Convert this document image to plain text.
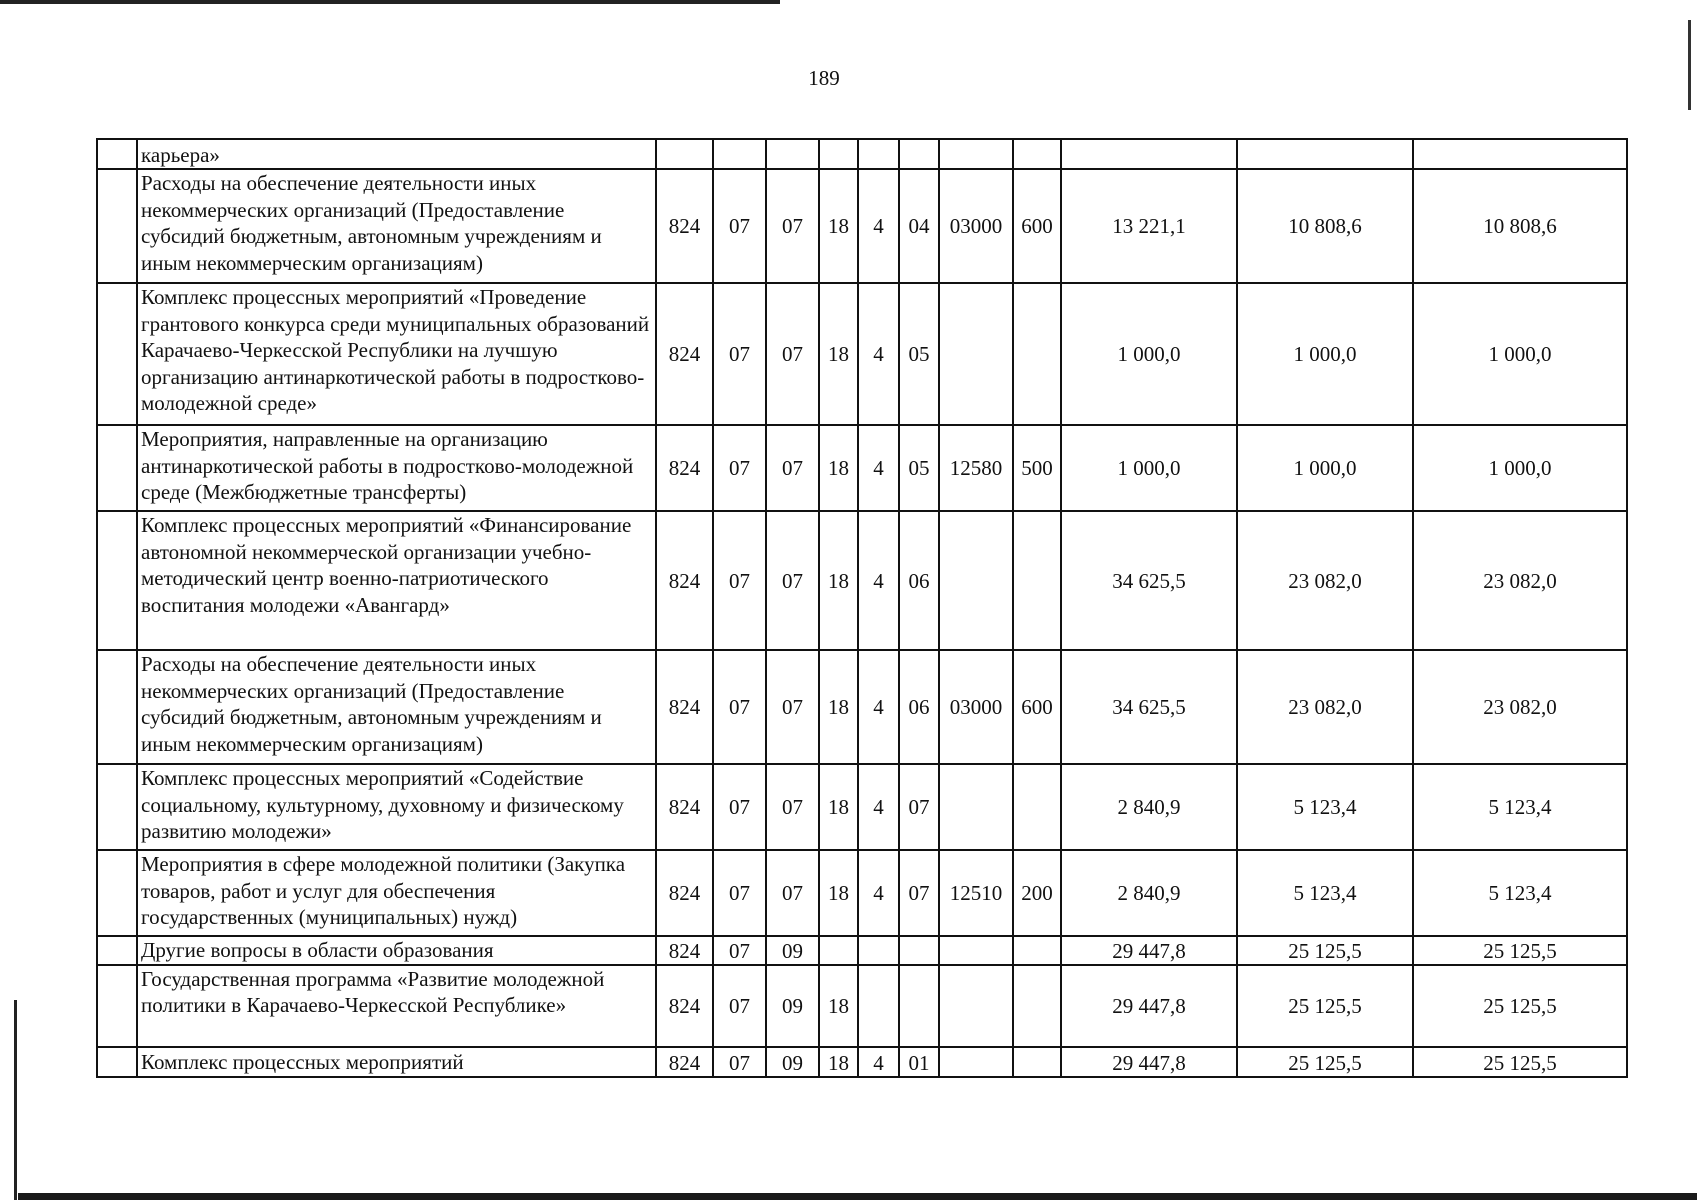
189
	карьера»											
	Расходы на обеспечение деятельности иных некоммерческих организаций (Предоставление субсидий бюджетным, автономным учреждениям и иным некоммерческим организациям)	824	07	07	18	4	04	03000	600	13 221,1	10 808,6	10 808,6
	Комплекс процессных мероприятий «Проведение грантового конкурса среди муниципальных образований Карачаево-Черкесской Республики на лучшую организацию антинаркотической работы в подростково-молодежной среде»	824	07	07	18	4	05			1 000,0	1 000,0	1 000,0
	Мероприятия, направленные на организацию антинаркотической работы в подростково-молодежной среде (Межбюджетные трансферты)	824	07	07	18	4	05	12580	500	1 000,0	1 000,0	1 000,0
	Комплекс процессных мероприятий «Финансирование автономной некоммерческой организации учебно-методический центр военно-патриотического воспитания молодежи «Авангард»	824	07	07	18	4	06			34 625,5	23 082,0	23 082,0
	Расходы на обеспечение деятельности иных некоммерческих организаций (Предоставление субсидий бюджетным, автономным учреждениям и иным некоммерческим организациям)	824	07	07	18	4	06	03000	600	34 625,5	23 082,0	23 082,0
	Комплекс процессных мероприятий «Содействие социальному, культурному, духовному и физическому развитию молодежи»	824	07	07	18	4	07			2 840,9	5 123,4	5 123,4
	Мероприятия в сфере молодежной политики (Закупка товаров, работ и услуг для обеспечения государственных (муниципальных) нужд)	824	07	07	18	4	07	12510	200	2 840,9	5 123,4	5 123,4
	Другие вопросы в области образования	824	07	09						29 447,8	25 125,5	25 125,5
	Государственная программа «Развитие молодежной политики в Карачаево-Черкесской Республике»	824	07	09	18					29 447,8	25 125,5	25 125,5
	Комплекс процессных мероприятий	824	07	09	18	4	01			29 447,8	25 125,5	25 125,5
